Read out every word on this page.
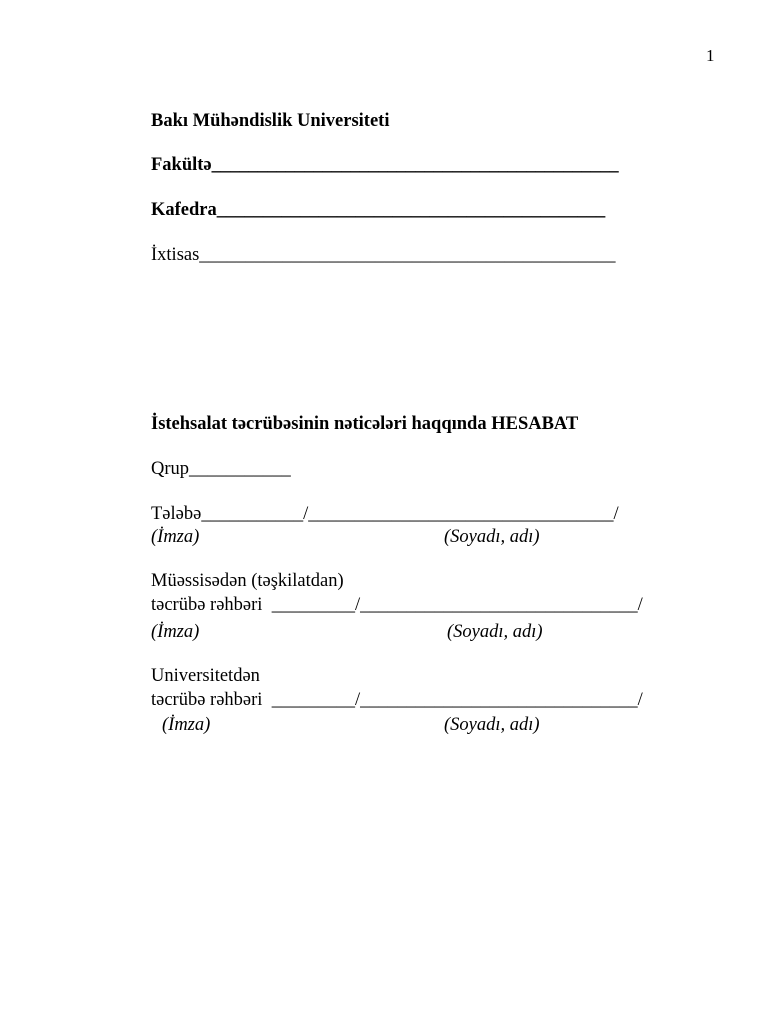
1
Bakı Mühəndislik Universiteti
Fakültə____________________________________________
Kafedra__________________________________________
İxtisas_____________________________________________
İstehsalat təcrübəsinin nəticələri haqqında HESABAT
Qrup___________
Tələbə___________/_________________________________/
(İmza)	(Soyadı, adı)
Müəssisədən (təşkilatdan)
təcrübə rəhbəri  _________/______________________________/
(İmza)	(Soyadı, adı)
Universitetdən
təcrübə rəhbəri  _________/______________________________/
(İmza)	(Soyadı, adı)
